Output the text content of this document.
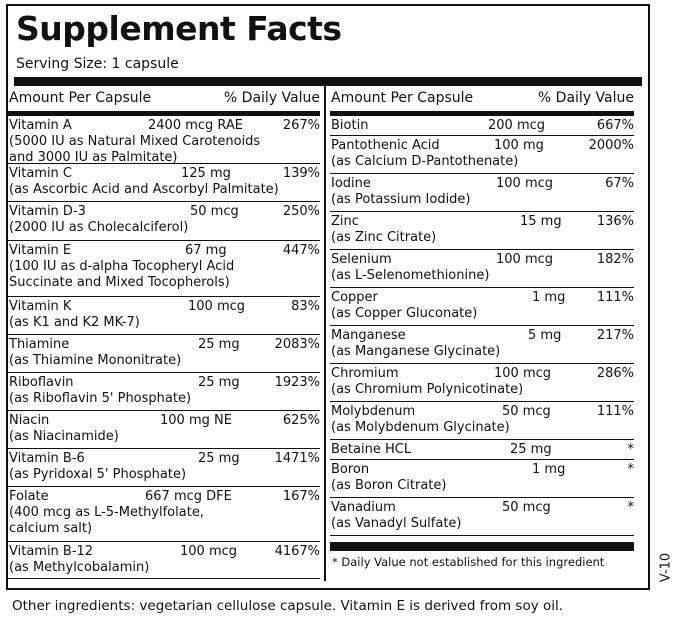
Supplement Facts
Serving Size: 1 capsule
Amount Per Capsule	% Daily Value
Vitamin A	2400 mcg RAE	267%
(5000 IU as Natural Mixed Carotenoids
and 3000 IU as Palmitate)
Vitamin C	125 mg	139%
(as Ascorbic Acid and Ascorbyl Palmitate)
Vitamin D-3	50 mcg	250%
(2000 IU as Cholecalciferol)
Vitamin E	67 mg	447%
(100 IU as d-alpha Tocopheryl Acid
Succinate and Mixed Tocopherols)
Vitamin K	100 mcg	83%
(as K1 and K2 MK-7)
Thiamine	25 mg	2083%
(as Thiamine Mononitrate)
Riboflavin	25 mg	1923%
(as Riboflavin 5' Phosphate)
Niacin	100 mg NE	625%
(as Niacinamide)
Vitamin B-6	25 mg	1471%
(as Pyridoxal 5' Phosphate)
Folate	667 mcg DFE	167%
(400 mcg as L-5-Methylfolate,
calcium salt)
Vitamin B-12	100 mcg	4167%
(as Methylcobalamin)
Amount Per Capsule	% Daily Value
Biotin	200 mcg	667%
Pantothenic Acid	100 mg	2000%
(as Calcium D-Pantothenate)
Iodine	100 mcg	67%
(as Potassium Iodide)
Zinc	15 mg	136%
(as Zinc Citrate)
Selenium	100 mcg	182%
(as L-Selenomethionine)
Copper	1 mg 111%
(as Copper Gluconate)
Manganese	5 mg	217%
(as Manganese Glycinate)
Chromium	100 mcg	286%
(as Chromium Polynicotinate)
Molybdenum	50 mcg	111%
(as Molybdenum Glycinate)
Betaine HCL	25 mg	*
Boron	1 mg	*
(as Boron Citrate)
Vanadium	50 mcg	*
(as Vanadyl Sulfate)
* Daily Value not established for this ingredient
Other ingredients: vegetarian cellulose capsule. Vitamin E is derived from soy oil.
V-10
